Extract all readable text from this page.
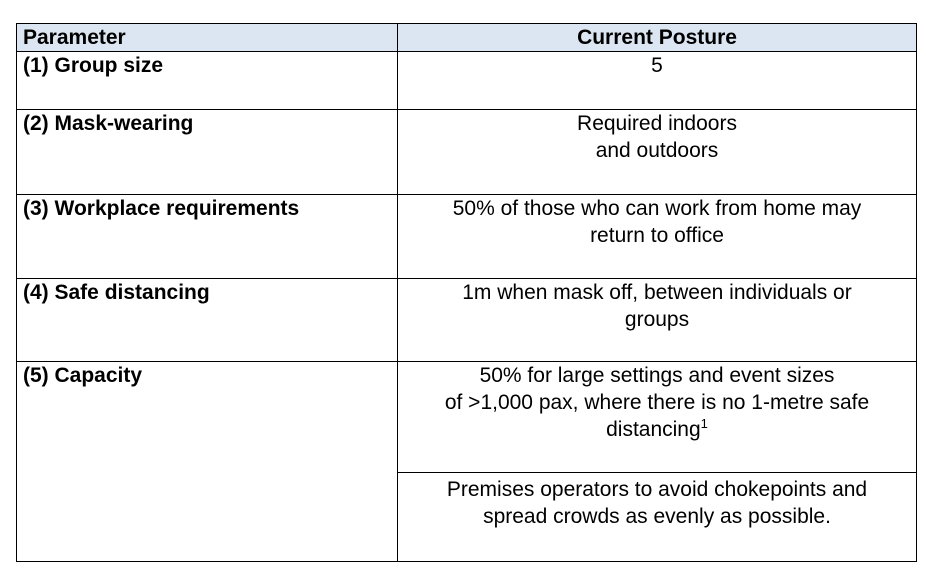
Parameter	Current Posture
(1) Group size	5

(2) Mask-wearing	Required indoors
and outdoors

(3) Workplace requirements	50% of those who can work from home may
return to office

(4) Safe distancing	1m when mask off, between individuals or
groups

(5) Capacity	50% for large settings and event sizes
of >1,000 pax, where there is no 1-metre safe
distancing$^1$

	Premises operators to avoid chokepoints and
spread crowds as evenly as possible.
